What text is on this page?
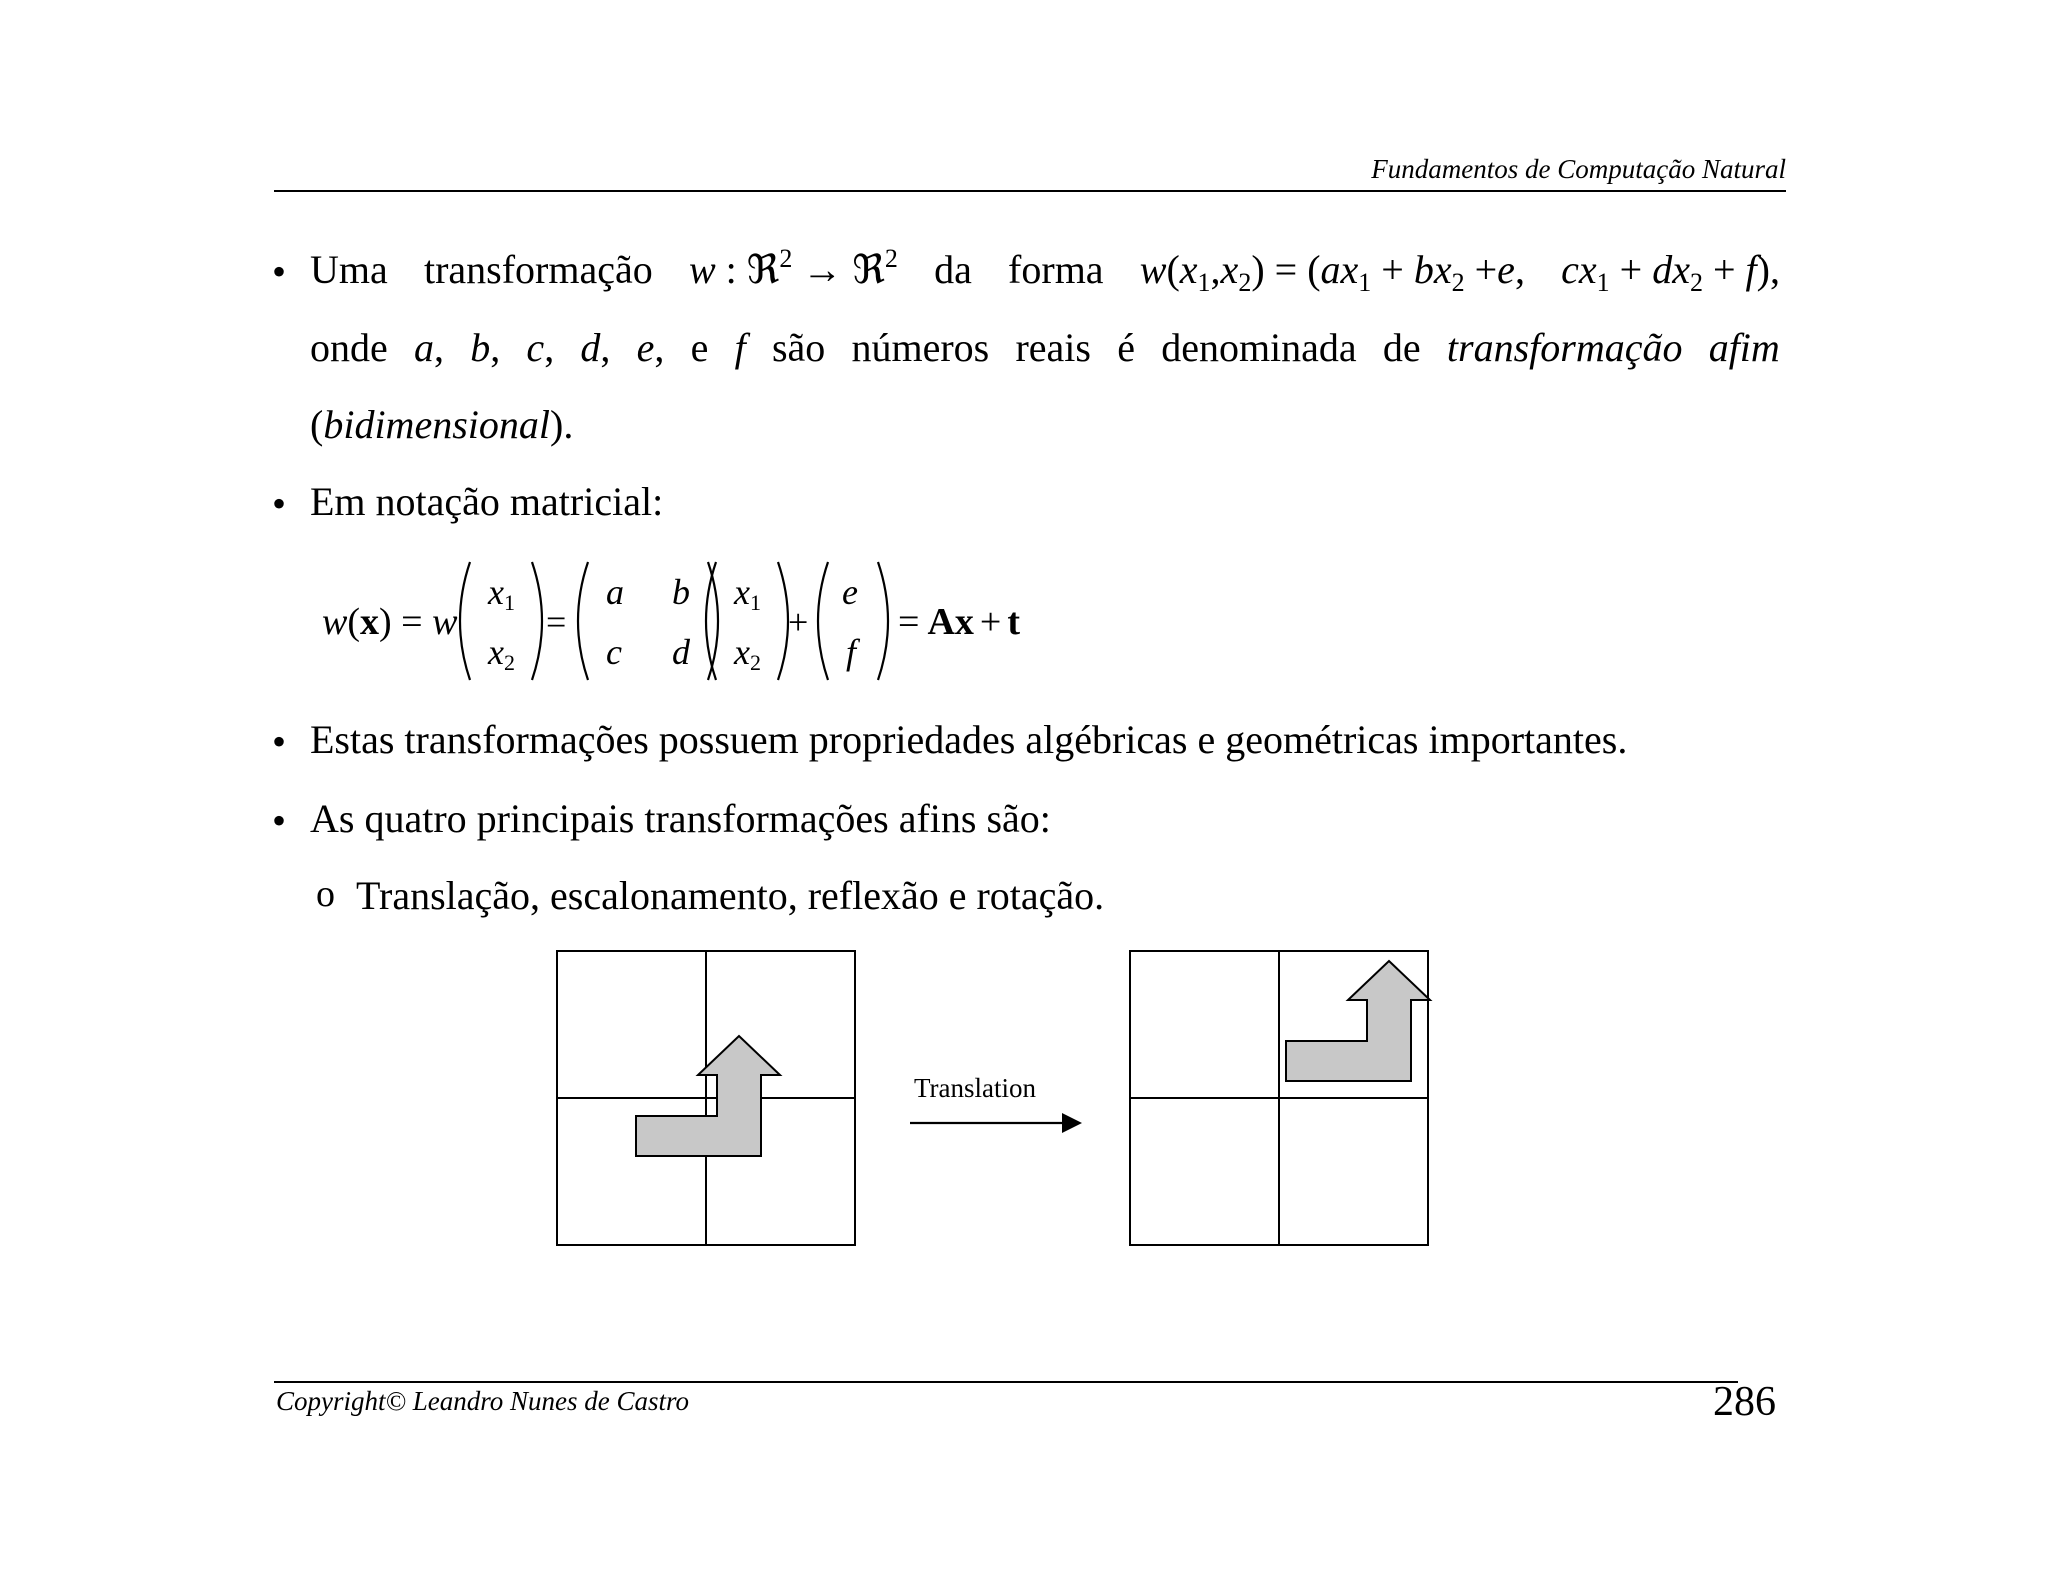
Fundamentos de Computação Natural
• Uma transformação w : ℜ$^2$ → ℜ$^2$ da forma $w(x_1,x_2) = (ax_1 + bx_2 +e$, $cx_1 + dx_2 + f$),
onde a, b, c, d, e, e f são números reais é denominada de transformação afim
(bidimensional).
• Em notação matricial:
w(x) = w
x1
x2
=
a b
c d
x1
x2
+
e
f
= Ax + t
• Estas transformações possuem propriedades algébricas e geométricas importantes.
• As quatro principais transformações afins são:
o Translação, escalonamento, reflexão e rotação.
Translation
Copyright© Leandro Nunes de Castro	286
